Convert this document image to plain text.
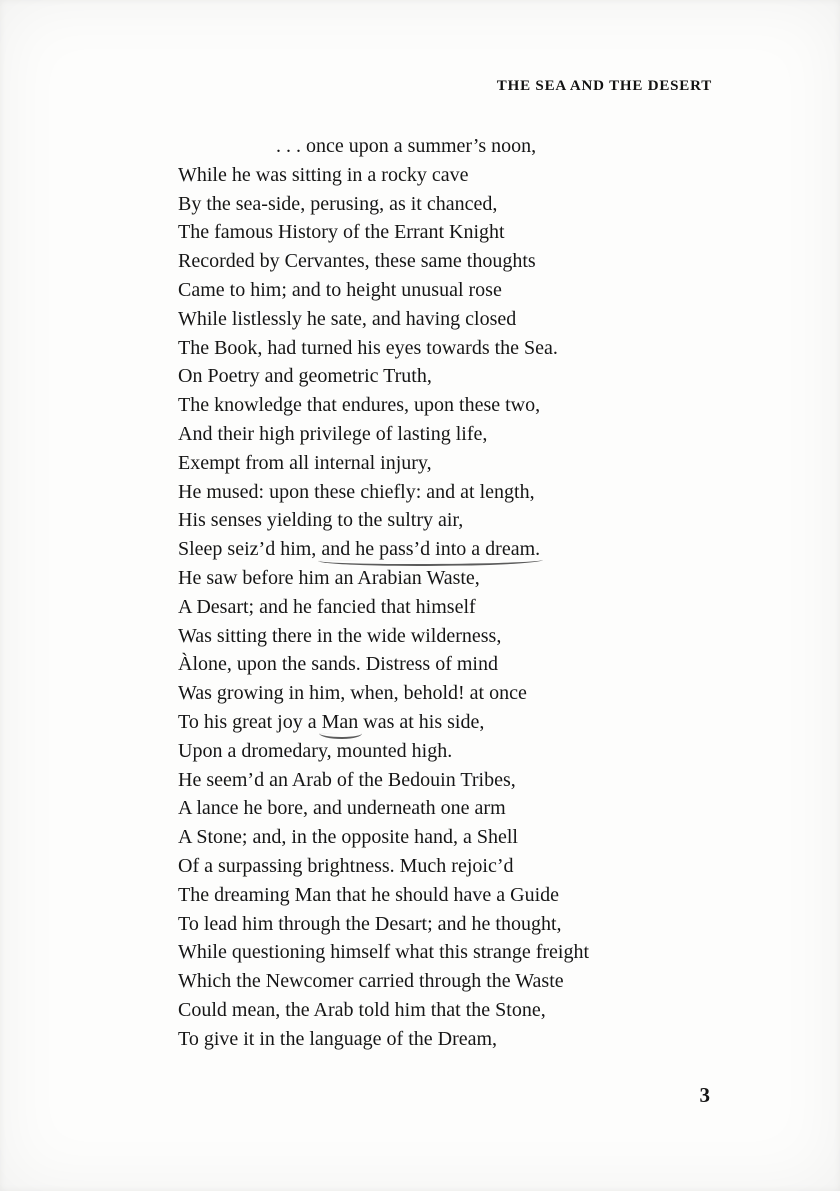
THE SEA AND THE DESERT
. . . once upon a summer’s noon,
While he was sitting in a rocky cave
By the sea-side, perusing, as it chanced,
The famous History of the Errant Knight
Recorded by Cervantes, these same thoughts
Came to him; and to height unusual rose
While listlessly he sate, and having closed
The Book, had turned his eyes towards the Sea.
On Poetry and geometric Truth,
The knowledge that endures, upon these two,
And their high privilege of lasting life,
Exempt from all internal injury,
He mused: upon these chiefly: and at length,
His senses yielding to the sultry air,
Sleep seiz’d him, and he pass’d into a dream.
He saw before him an Arabian Waste,
A Desart; and he fancied that himself
Was sitting there in the wide wilderness,
Àlone, upon the sands. Distress of mind
Was growing in him, when, behold! at once
To his great joy a Man was at his side,
Upon a dromedary, mounted high.
He seem’d an Arab of the Bedouin Tribes,
A lance he bore, and underneath one arm
A Stone; and, in the opposite hand, a Shell
Of a surpassing brightness. Much rejoic’d
The dreaming Man that he should have a Guide
To lead him through the Desart; and he thought,
While questioning himself what this strange freight
Which the Newcomer carried through the Waste
Could mean, the Arab told him that the Stone,
To give it in the language of the Dream,
3
